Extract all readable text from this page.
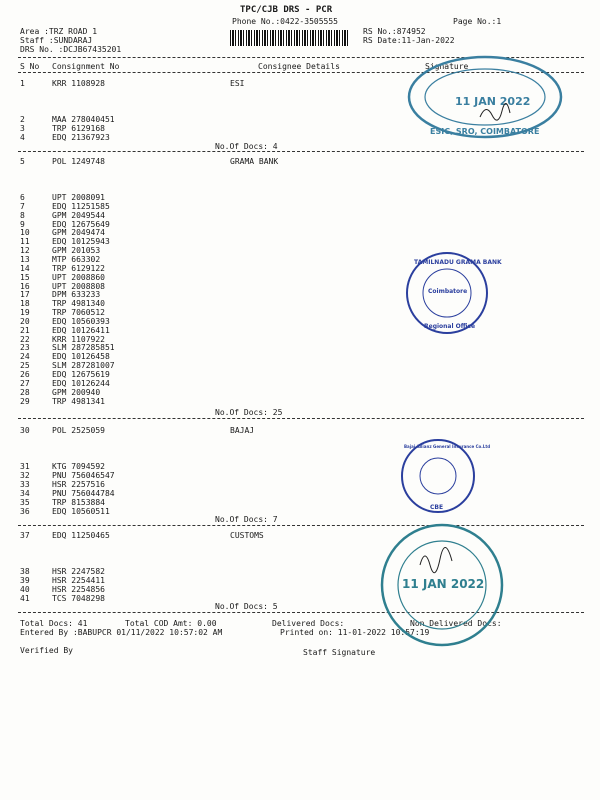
TPC/CJB DRS - PCR
Phone No.:0422-3505555	Page No.:1
Area :TRZ ROAD 1
Staff :SUNDARAJ
DRS No. :DCJB67435201
RS No.:874952
RS Date:11-Jan-2022
S No Consignment No	Consignee Details	Signature
1	KRR 1108928	ESI
2	MAA 278040451
3	TRP 6129168
4	EDQ 21367923
No.Of Docs: 4
5	POL 1249748	GRAMA BANK
6	UPT 2008091
7	EDQ 11251585
8	GPM 2049544
9	EDQ 12675649
10	GPM 2049474
11	EDQ 10125943
12	GPM 201053
13	MTP 663302
14	TRP 6129122
15	UPT 2008860
16	UPT 2008808
17	DPM 633233
18	TRP 4981340
19	TRP 7060512
20	EDQ 10560393
21	EDQ 10126411
22	KRR 1107922
23	SLM 287285851
24	EDQ 10126458
25	SLM 287281007
26	EDQ 12675619
27	EDQ 10126244
28	GPM 200940
29	TRP 4981341
No.Of Docs: 25
30	POL 2525059	BAJAJ
31	KTG 7094592
32	PNU 756046547
33	HSR 2257516
34	PNU 756044784
35	TRP 8153884
36	EDQ 10560511
No.Of Docs: 7
37	EDQ 11250465	CUSTOMS
38	HSR 2247582
39	HSR 2254411
40	HSR 2254856
41	TCS 7048298
No.Of Docs: 5
Total Docs: 41	Total COD Amt: 0.00	Delivered Docs:	Non Delivered Docs:
Entered By :BABUPCR 01/11/2022 10:57:02 AM	Printed on: 11-01-2022 10:57:19
Verified By	Staff Signature
11 JAN 2022
ESIC, SRO, COIMBATORE
TAMILNADU GRAMA BANK
Coimbatore
Regional Office
Bajaj Allianz General Insurance Co.Ltd
CBE
11 JAN 2022
